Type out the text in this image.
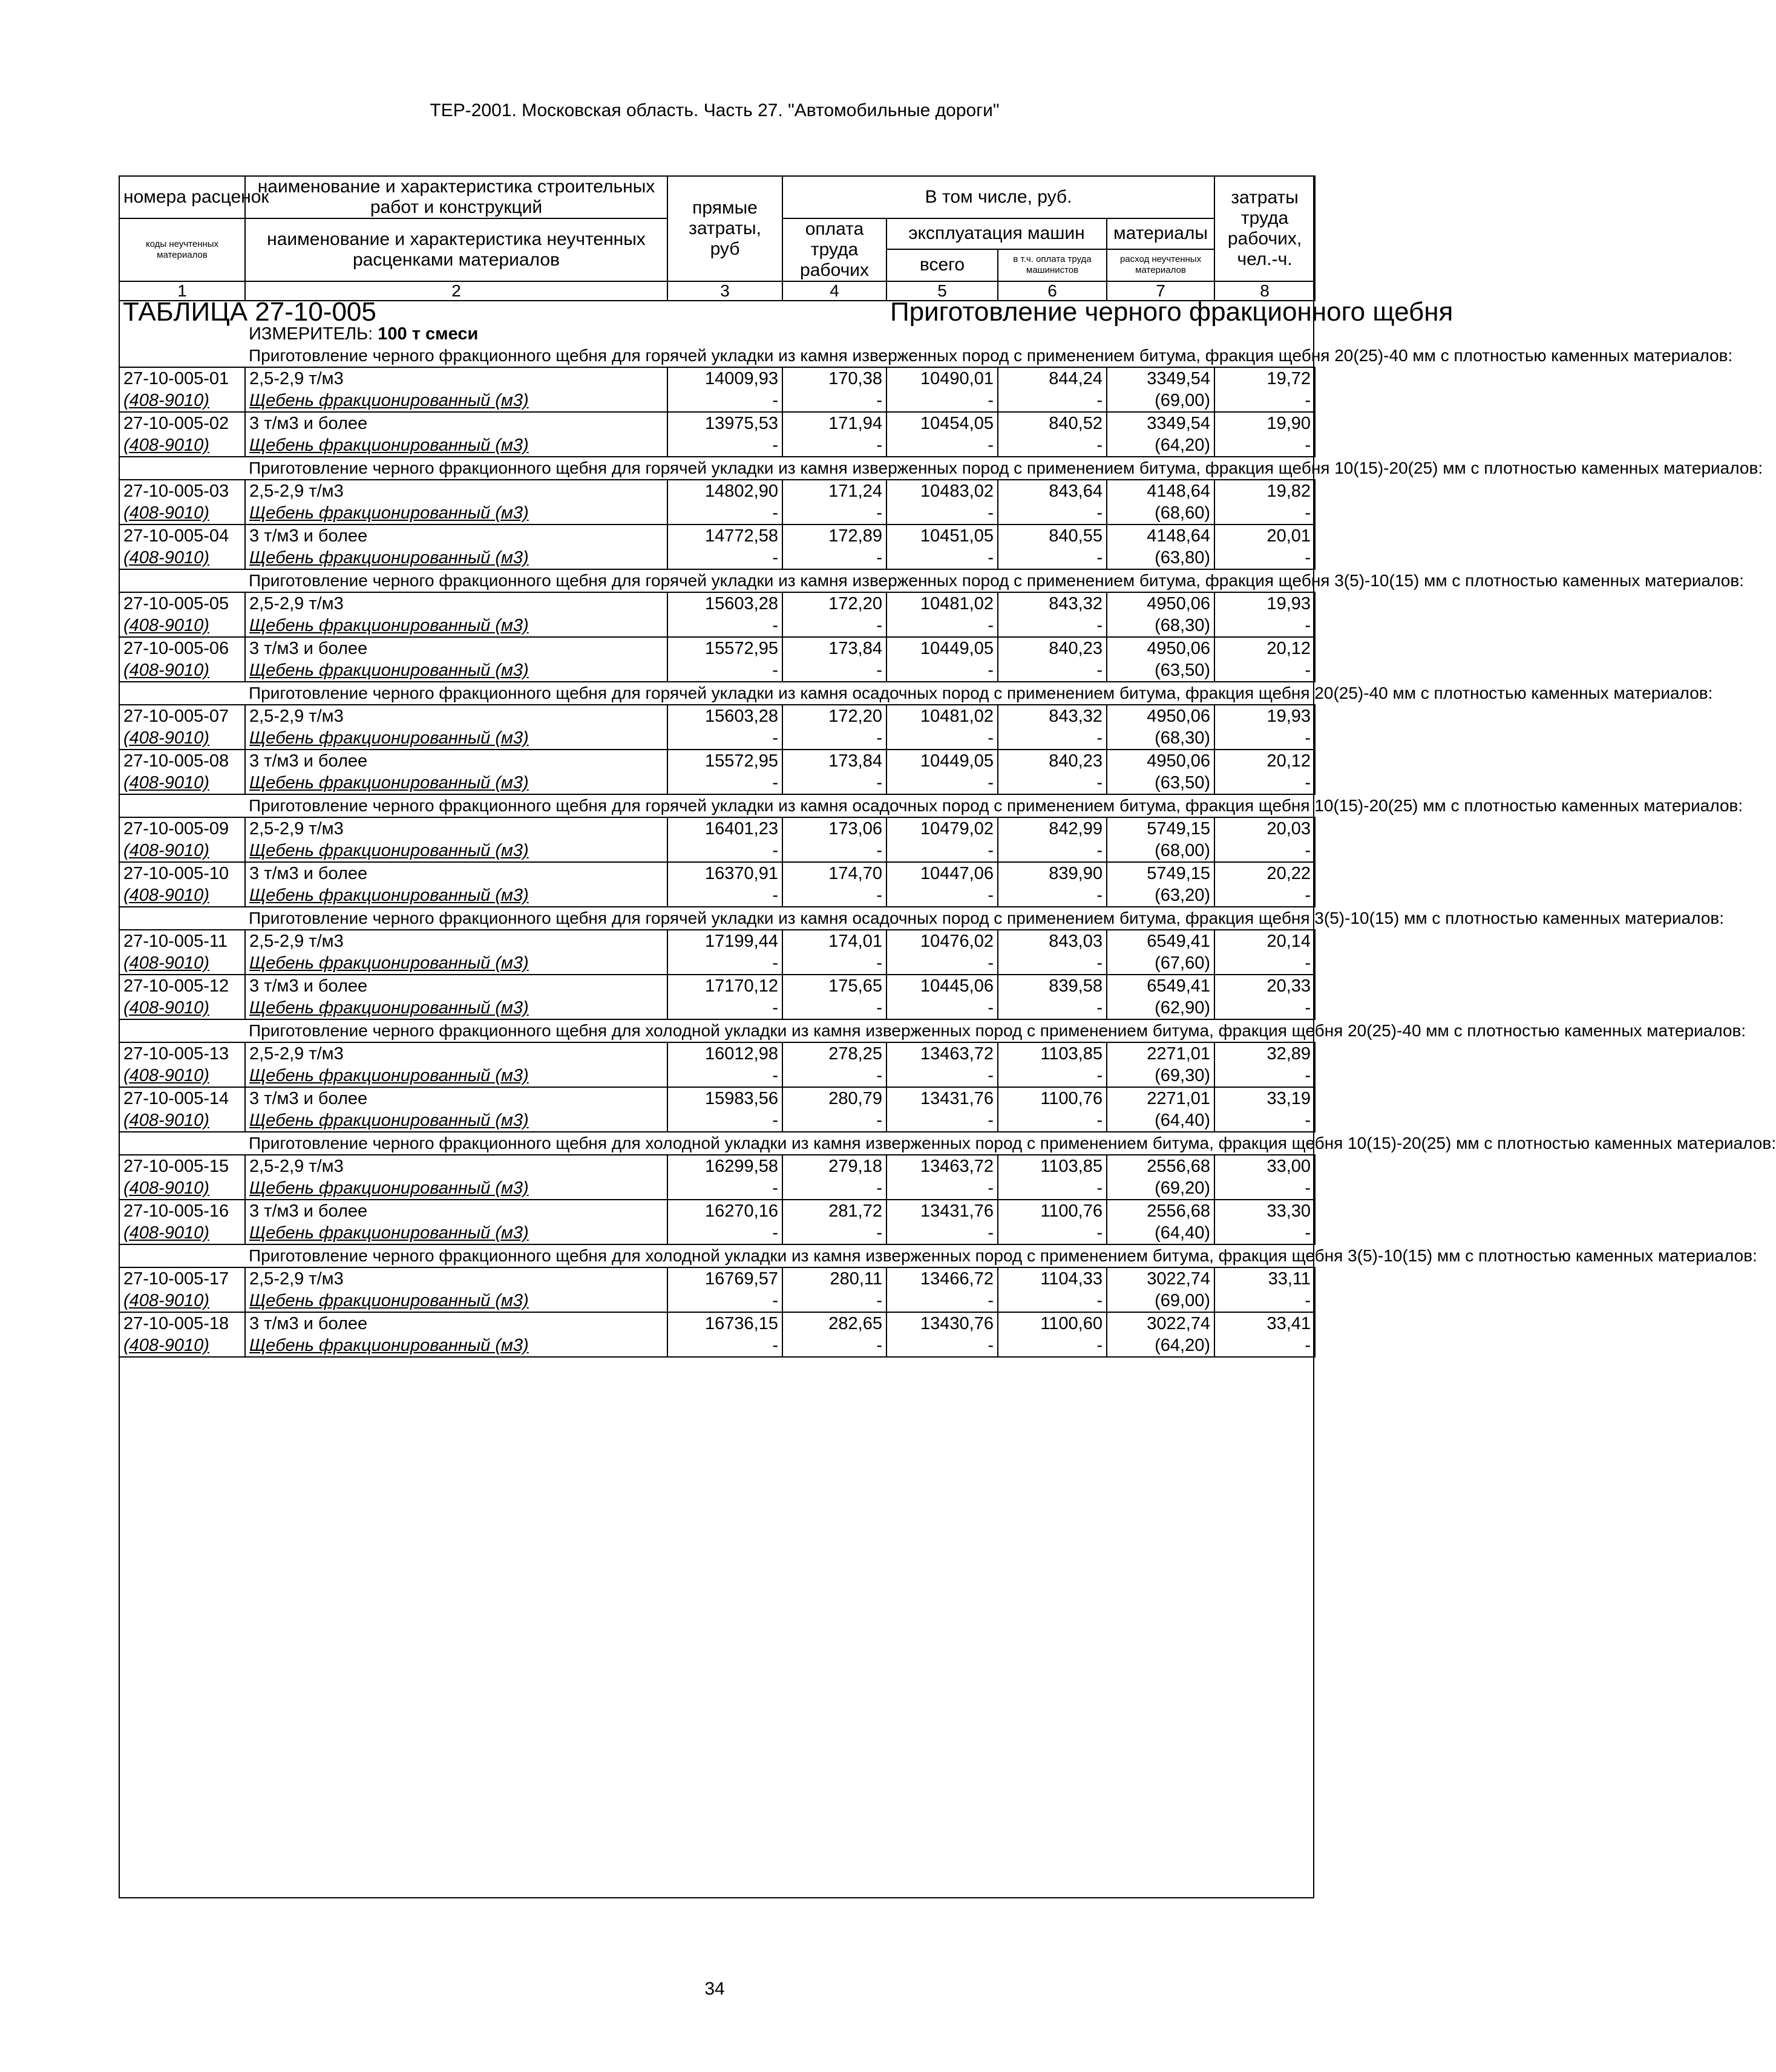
ТЕР-2001. Московская область. Часть 27. "Автомобильные дороги"
номера расценок	наименование и характеристика строительных работ и конструкций	прямые затраты, руб	В том числе, руб.				затраты труда рабочих, чел.-ч.
коды неучтенных материалов	наименование и характеристика неучтенных расценками материалов		оплата труда рабочих	эксплуатация машин		материалы	
				всего	в т.ч. оплата труда машинистов	расход неучтенных материалов	
1	2	3	4	5	6	7	8
ТАБЛИЦА 27-10-005				Приготовление черного фракционного щебня			
	ИЗМЕРИТЕЛЬ: 100 т смеси						
	Приготовление черного фракционного щебня для горячей укладки из камня изверженных пород с применением битума, фракция щебня 20(25)-40 мм с плотностью каменных материалов:						
27-10-005-01	2,5-2,9 т/м3	14009,93	170,38	10490,01	844,24	3349,54	19,72
(408-9010)	Щебень фракционированный (м3)	-	-	-	-	(69,00)	-
27-10-005-02	3 т/м3 и более	13975,53	171,94	10454,05	840,52	3349,54	19,90
(408-9010)	Щебень фракционированный (м3)	-	-	-	-	(64,20)	-
	Приготовление черного фракционного щебня для горячей укладки из камня изверженных пород с применением битума, фракция щебня 10(15)-20(25) мм с плотностью каменных материалов:						
27-10-005-03	2,5-2,9 т/м3	14802,90	171,24	10483,02	843,64	4148,64	19,82
(408-9010)	Щебень фракционированный (м3)	-	-	-	-	(68,60)	-
27-10-005-04	3 т/м3 и более	14772,58	172,89	10451,05	840,55	4148,64	20,01
(408-9010)	Щебень фракционированный (м3)	-	-	-	-	(63,80)	-
	Приготовление черного фракционного щебня для горячей укладки из камня изверженных пород с применением битума, фракция щебня 3(5)-10(15) мм с плотностью каменных материалов:						
27-10-005-05	2,5-2,9 т/м3	15603,28	172,20	10481,02	843,32	4950,06	19,93
(408-9010)	Щебень фракционированный (м3)	-	-	-	-	(68,30)	-
27-10-005-06	3 т/м3 и более	15572,95	173,84	10449,05	840,23	4950,06	20,12
(408-9010)	Щебень фракционированный (м3)	-	-	-	-	(63,50)	-
	Приготовление черного фракционного щебня для горячей укладки из камня осадочных пород с применением битума, фракция щебня 20(25)-40 мм с плотностью каменных материалов:						
27-10-005-07	2,5-2,9 т/м3	15603,28	172,20	10481,02	843,32	4950,06	19,93
(408-9010)	Щебень фракционированный (м3)	-	-	-	-	(68,30)	-
27-10-005-08	3 т/м3 и более	15572,95	173,84	10449,05	840,23	4950,06	20,12
(408-9010)	Щебень фракционированный (м3)	-	-	-	-	(63,50)	-
	Приготовление черного фракционного щебня для горячей укладки из камня осадочных пород с применением битума, фракция щебня 10(15)-20(25) мм с плотностью каменных материалов:						
27-10-005-09	2,5-2,9 т/м3	16401,23	173,06	10479,02	842,99	5749,15	20,03
(408-9010)	Щебень фракционированный (м3)	-	-	-	-	(68,00)	-
27-10-005-10	3 т/м3 и более	16370,91	174,70	10447,06	839,90	5749,15	20,22
(408-9010)	Щебень фракционированный (м3)	-	-	-	-	(63,20)	-
	Приготовление черного фракционного щебня для горячей укладки из камня осадочных пород с применением битума, фракция щебня 3(5)-10(15) мм с плотностью каменных материалов:						
27-10-005-11	2,5-2,9 т/м3	17199,44	174,01	10476,02	843,03	6549,41	20,14
(408-9010)	Щебень фракционированный (м3)	-	-	-	-	(67,60)	-
27-10-005-12	3 т/м3 и более	17170,12	175,65	10445,06	839,58	6549,41	20,33
(408-9010)	Щебень фракционированный (м3)	-	-	-	-	(62,90)	-
	Приготовление черного фракционного щебня для холодной укладки из камня изверженных пород с применением битума, фракция щебня 20(25)-40 мм с плотностью каменных материалов:						
27-10-005-13	2,5-2,9 т/м3	16012,98	278,25	13463,72	1103,85	2271,01	32,89
(408-9010)	Щебень фракционированный (м3)	-	-	-	-	(69,30)	-
27-10-005-14	3 т/м3 и более	15983,56	280,79	13431,76	1100,76	2271,01	33,19
(408-9010)	Щебень фракционированный (м3)	-	-	-	-	(64,40)	-
	Приготовление черного фракционного щебня для холодной укладки из камня изверженных пород с применением битума, фракция щебня 10(15)-20(25) мм с плотностью каменных материалов:						
27-10-005-15	2,5-2,9 т/м3	16299,58	279,18	13463,72	1103,85	2556,68	33,00
(408-9010)	Щебень фракционированный (м3)	-	-	-	-	(69,20)	-
27-10-005-16	3 т/м3 и более	16270,16	281,72	13431,76	1100,76	2556,68	33,30
(408-9010)	Щебень фракционированный (м3)	-	-	-	-	(64,40)	-
	Приготовление черного фракционного щебня для холодной укладки из камня изверженных пород с применением битума, фракция щебня 3(5)-10(15) мм с плотностью каменных материалов:						
27-10-005-17	2,5-2,9 т/м3	16769,57	280,11	13466,72	1104,33	3022,74	33,11
(408-9010)	Щебень фракционированный (м3)	-	-	-	-	(69,00)	-
27-10-005-18	3 т/м3 и более	16736,15	282,65	13430,76	1100,60	3022,74	33,41
(408-9010)	Щебень фракционированный (м3)	-	-	-	-	(64,20)	-
34
